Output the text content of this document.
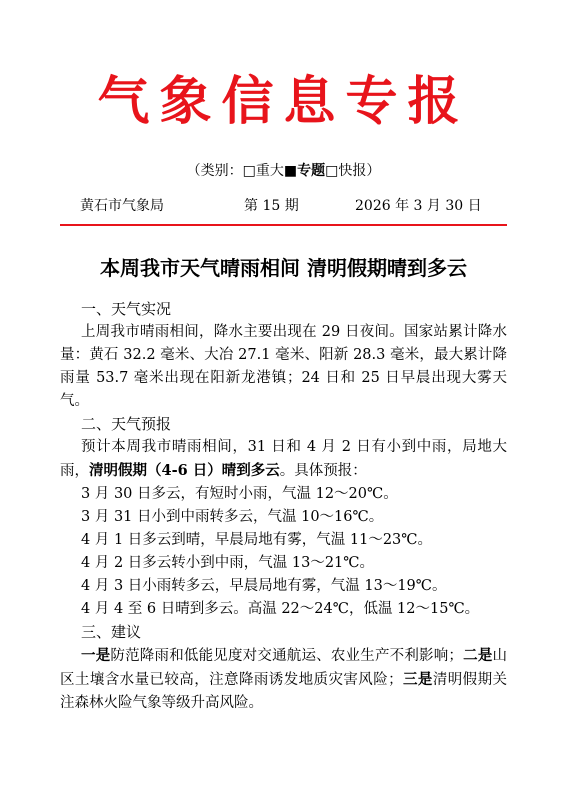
气象信息专报
（类别：□重大■专题□快报）
黄石市气象局	第 15 期	2026 年 3 月 30 日
本周我市天气晴雨相间 清明假期晴到多云

一、天气实况

上周我市晴雨相间，降水主要出现在 29 日夜间。国家站累计降水量：黄石 32.2 毫米、大冶 27.1 毫米、阳新 28.3 毫米，最大累计降雨量 53.7 毫米出现在阳新龙港镇；24 日和 25 日早晨出现大雾天气。

二、天气预报

预计本周我市晴雨相间，31 日和 4 月 2 日有小到中雨，局地大雨，清明假期（4-6 日）晴到多云。具体预报：

3 月 30 日多云，有短时小雨，气温 12～20℃。

3 月 31 日小到中雨转多云，气温 10～16℃。

4 月 1 日多云到晴，早晨局地有雾，气温 11～23℃。

4 月 2 日多云转小到中雨，气温 13～21℃。

4 月 3 日小雨转多云，早晨局地有雾，气温 13～19℃。

4 月 4 至 6 日晴到多云。高温 22～24℃，低温 12～15℃。

三、建议

一是防范降雨和低能见度对交通航运、农业生产不利影响；二是山区土壤含水量已较高，注意降雨诱发地质灾害风险；三是清明假期关注森林火险气象等级升高风险。
